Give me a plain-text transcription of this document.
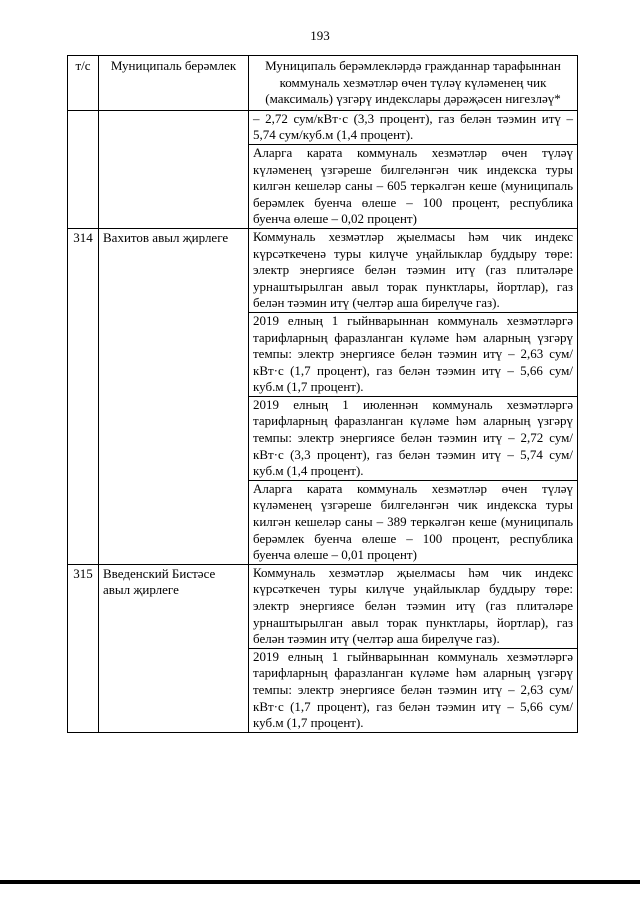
193
т/с	Муниципаль берәмлек	Муниципаль берәмлекләрдә гражданнар тарафыннан коммуналь хезмәтләр өчен түләү күләменең чик (максималь) үзгәрү индекслары дәрәҗәсен нигезләү*

		– 2,72 сум/кВт·с (3,3 процент), газ белән тәэмин итү – 5,74 сум/куб.м (1,4 процент).
Аларга карата коммуналь хезмәтләр өчен түләү күләменең үзгәреше билгеләнгән чик индекска туры килгән кешеләр саны – 605 теркәлгән кеше (муниципаль берәмлек буенча өлеше – 100 процент, республика буенча өлеше – 0,02 процент)

314	Вахитов авыл җирлеге	Коммуналь хезмәтләр җыелмасы һәм чик индекс күрсәткеченә туры килүче уңайлыклар буддыру төре: электр энергиясе белән тәэмин итү (газ плитәләре урнаштырылган авыл торак пунктлары, йортлар), газ белән тәэмин итү (челтәр аша бирелүче газ).
2019 елның 1 гыйнварыннан коммуналь хезмәтләргә тарифларның фаразланган күләме һәм аларның үзгәрү темпы: электр энергиясе белән тәэмин итү – 2,63 сум/кВт·с (1,7 процент), газ белән тәэмин итү – 5,66 сум/куб.м (1,7 процент).
2019 елның 1 июленнән коммуналь хезмәтләргә тарифларның фаразланган күләме һәм аларның үзгәрү темпы: электр энергиясе белән тәэмин итү – 2,72 сум/кВт·с (3,3 процент), газ белән тәэмин итү – 5,74 сум/куб.м (1,4 процент).
Аларга карата коммуналь хезмәтләр өчен түләү күләменең үзгәреше билгеләнгән чик индекска туры килгән кешеләр саны – 389 теркәлгән кеше (муниципаль берәмлек буенча өлеше – 100 процент, республика буенча өлеше – 0,01 процент)

315	Введенский Бистәсе авыл җирлеге	Коммуналь хезмәтләр җыелмасы һәм чик индекс күрсәткечен туры килүче уңайлыклар буддыру төре: электр энергиясе белән тәэмин итү (газ плитәләре урнаштырылган авыл торак пунктлары, йортлар), газ белән тәэмин итү (челтәр аша бирелүче газ).
2019 елның 1 гыйнварыннан коммуналь хезмәтләргә тарифларның фаразланган күләме һәм аларның үзгәрү темпы: электр энергиясе белән тәэмин итү – 2,63 сум/кВт·с (1,7 процент), газ белән тәэмин итү – 5,66 сум/куб.м (1,7 процент).
